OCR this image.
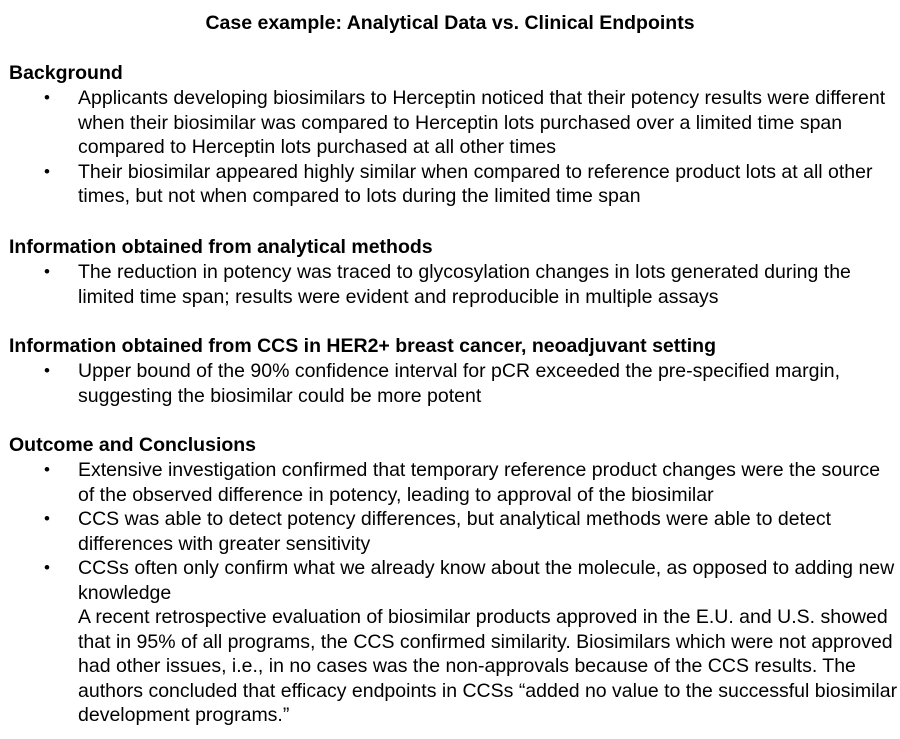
Case example: Analytical Data vs. Clinical Endpoints
Background
• Applicants developing biosimilars to Herceptin noticed that their potency results were different when their biosimilar was compared to Herceptin lots purchased over a limited time span compared to Herceptin lots purchased at all other times
• Their biosimilar appeared highly similar when compared to reference product lots at all other times, but not when compared to lots during the limited time span
Information obtained from analytical methods
• The reduction in potency was traced to glycosylation changes in lots generated during the limited time span; results were evident and reproducible in multiple assays
Information obtained from CCS in HER2+ breast cancer, neoadjuvant setting
• Upper bound of the 90% confidence interval for pCR exceeded the pre-specified margin, suggesting the biosimilar could be more potent
Outcome and Conclusions
• Extensive investigation confirmed that temporary reference product changes were the source of the observed difference in potency, leading to approval of the biosimilar
• CCS was able to detect potency differences, but analytical methods were able to detect differences with greater sensitivity
• CCSs often only confirm what we already know about the molecule, as opposed to adding new knowledge
A recent retrospective evaluation of biosimilar products approved in the E.U. and U.S. showed that in 95% of all programs, the CCS confirmed similarity. Biosimilars which were not approved had other issues, i.e., in no cases was the non-approvals because of the CCS results. The authors concluded that efficacy endpoints in CCSs “added no value to the successful biosimilar development programs.”
